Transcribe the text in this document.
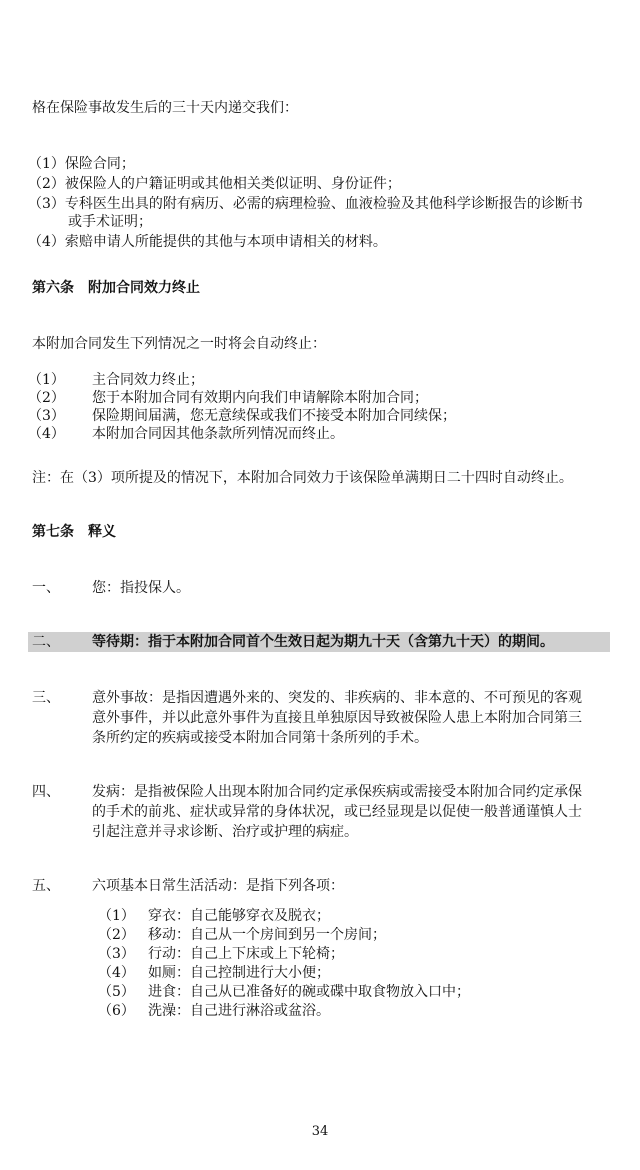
格在保险事故发生后的三十天内递交我们：
（1）保险合同；
（2）被保险人的户籍证明或其他相关类似证明、身份证件；
（3）专科医生出具的附有病历、必需的病理检验、血液检验及其他科学诊断报告的诊断书
或手术证明；
（4）索赔申请人所能提供的其他与本项申请相关的材料。
第六条　附加合同效力终止
本附加合同发生下列情况之一时将会自动终止：
（1） 主合同效力终止；
（2） 您于本附加合同有效期内向我们申请解除本附加合同；
（3） 保险期间届满，您无意续保或我们不接受本附加合同续保；
（4） 本附加合同因其他条款所列情况而终止。
注：在（3）项所提及的情况下，本附加合同效力于该保险单满期日二十四时自动终止。
第七条　释义
一、 您：指投保人。
二、 等待期：指于本附加合同首个生效日起为期九十天（含第九十天）的期间。
三、 意外事故：是指因遭遇外来的、突发的、非疾病的、非本意的、不可预见的客观
意外事件，并以此意外事件为直接且单独原因导致被保险人患上本附加合同第三
条所约定的疾病或接受本附加合同第十条所列的手术。
四、 发病：是指被保险人出现本附加合同约定承保疾病或需接受本附加合同约定承保
的手术的前兆、症状或异常的身体状况，或已经显现是以促使一般普通谨慎人士
引起注意并寻求诊断、治疗或护理的病症。
五、 六项基本日常生活活动：是指下列各项：
（1） 穿衣：自己能够穿衣及脱衣；
（2） 移动：自己从一个房间到另一个房间；
（3） 行动：自己上下床或上下轮椅；
（4） 如厕：自己控制进行大小便；
（5） 进食：自己从已准备好的碗或碟中取食物放入口中；
（6） 洗澡：自己进行淋浴或盆浴。
34
